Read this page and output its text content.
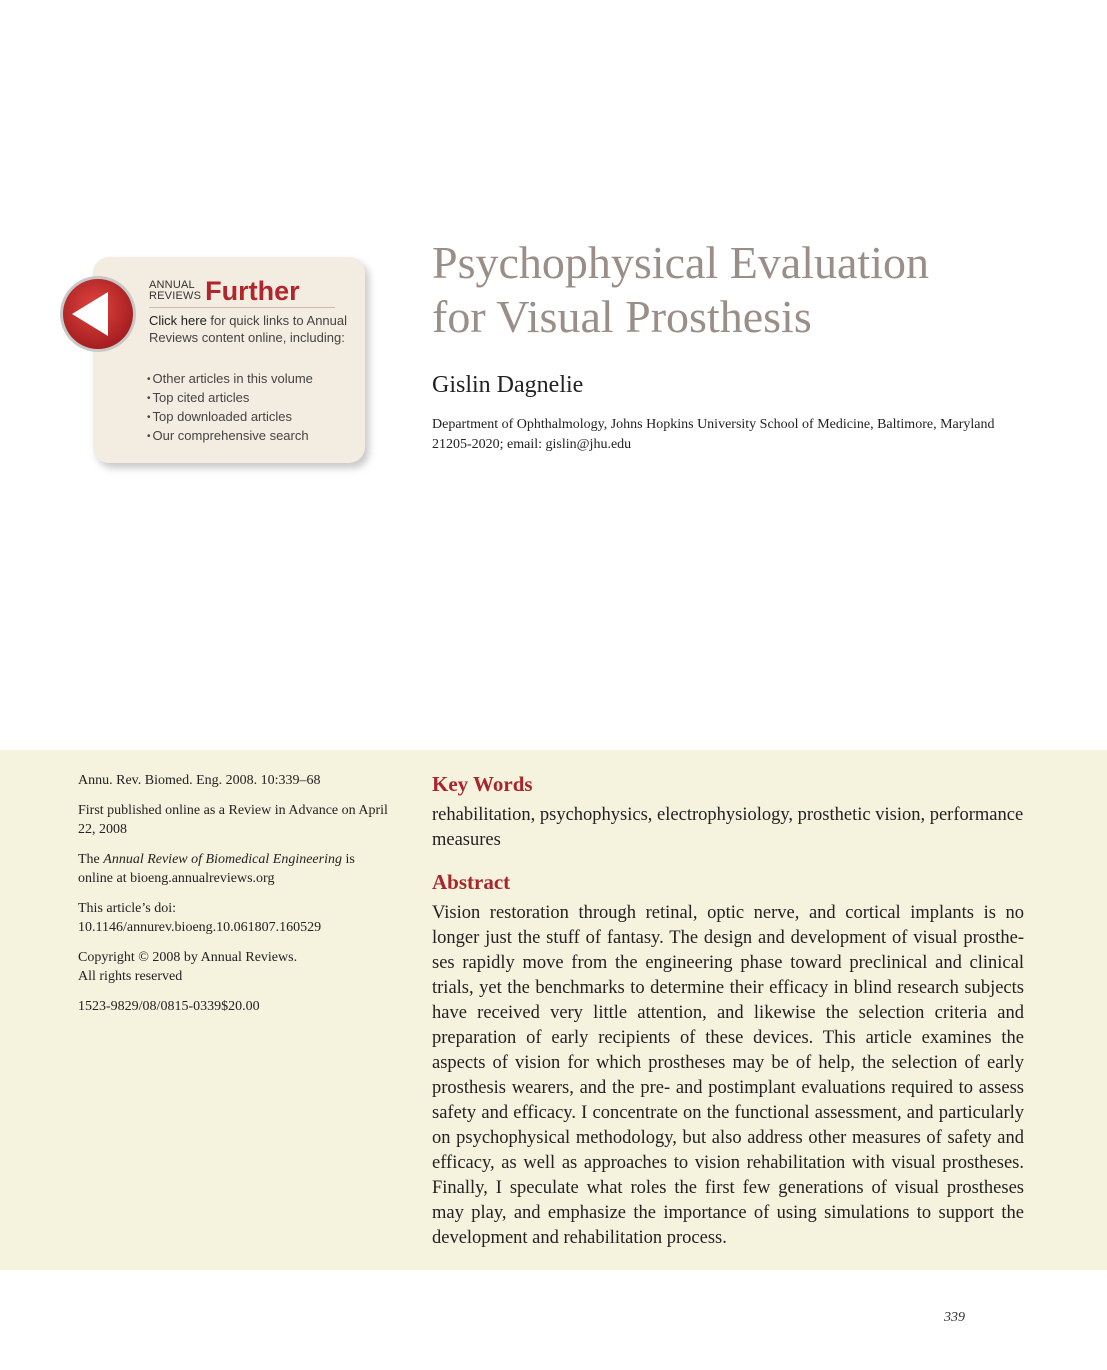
ANNUAL
REVIEWS Further
Click here for quick links to Annual Reviews content online, including:
• Other articles in this volume
• Top cited articles
• Top downloaded articles
• Our comprehensive search
Psychophysical Evaluation
for Visual Prosthesis
Gislin Dagnelie
Department of Ophthalmology, Johns Hopkins University School of Medicine, Baltimore, Maryland 21205-2020; email: gislin@jhu.edu

Annu. Rev. Biomed. Eng. 2008. 10:339–68

First published online as a Review in Advance on April 22, 2008

The Annual Review of Biomedical Engineering is online at bioeng.annualreviews.org

This article’s doi:
10.1146/annurev.bioeng.10.061807.160529

Copyright © 2008 by Annual Reviews.
All rights reserved

1523-9829/08/0815-0339$20.00

Key Words

rehabilitation, psychophysics, electrophysiology, prosthetic vision, performance measures

Abstract

Vision restoration through retinal, optic nerve, and cortical implants is no longer just the stuff of fantasy. The design and development of visual prostheses rapidly move from the engineering phase toward preclinical and clinical trials, yet the benchmarks to determine their efficacy in blind research subjects have received very little attention, and likewise the selection criteria and preparation of early recipients of these devices. This article examines the aspects of vision for which prostheses may be of help, the selection of early prosthesis wearers, and the pre- and postimplant evaluations required to assess safety and efficacy. I concentrate on the functional assessment, and particularly on psychophysical methodology, but also address other measures of safety and efficacy, as well as approaches to vision rehabilitation with visual prostheses. Finally, I speculate what roles the first few generations of visual prostheses may play, and emphasize the importance of using simulations to support the development and rehabilitation process.

339
